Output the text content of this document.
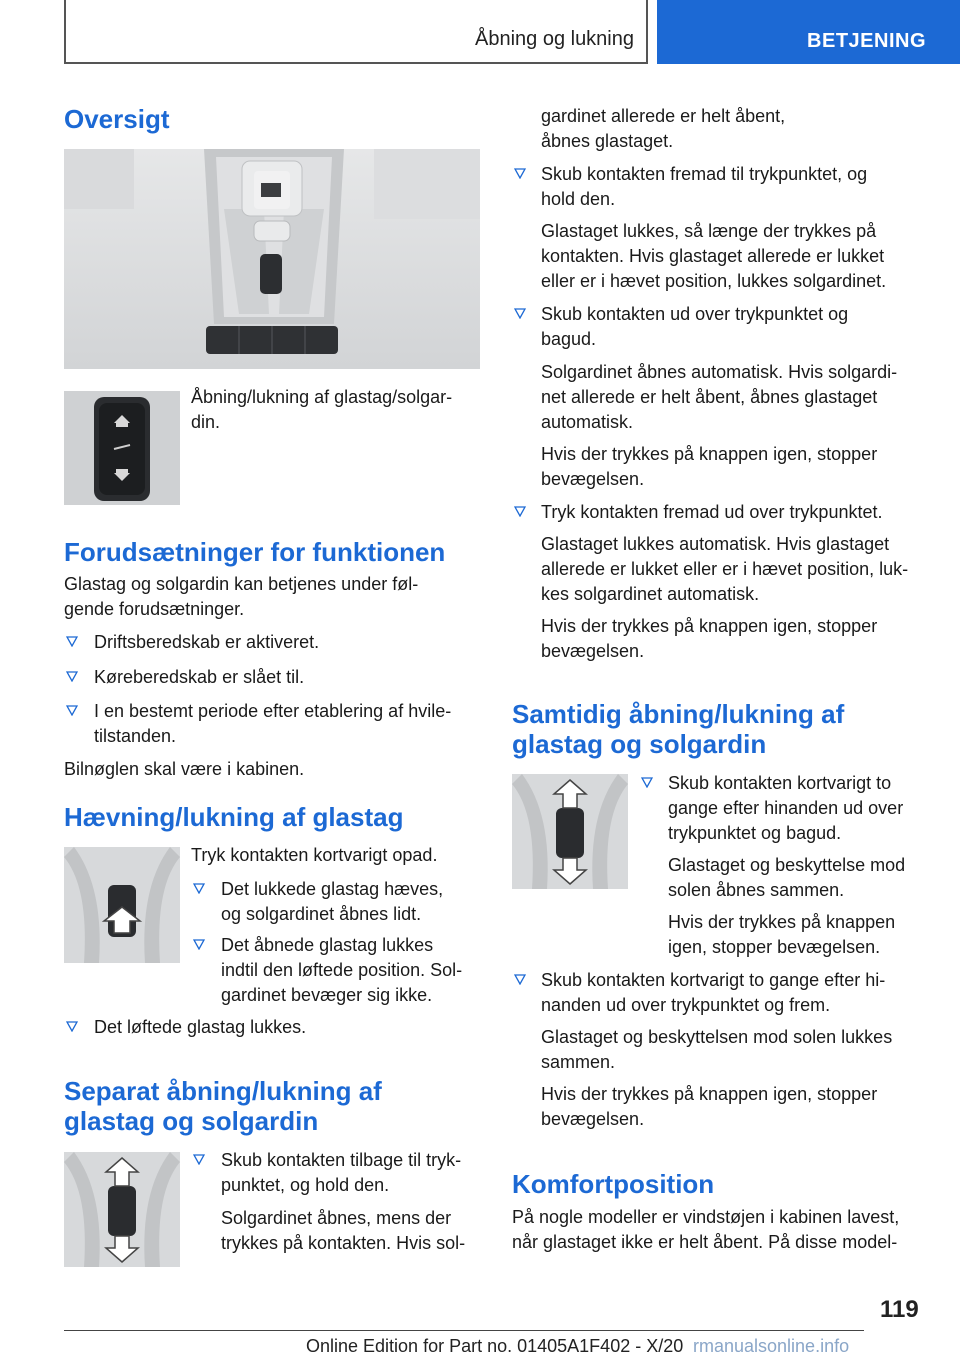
Åbning og lukning	BETJENING
Oversigt

Åbning/lukning af glastag/solgar-

din.

Forudsætninger for funktionen

Glastag og solgardin kan betjenes under føl-

gende forudsætninger.

Driftsberedskab er aktiveret.

Køreberedskab er slået til.

I en bestemt periode efter etablering af hvile-

tilstanden.

Bilnøglen skal være i kabinen.

Hævning/lukning af glastag

Tryk kontakten kortvarigt opad.

Det lukkede glastag hæves,

og solgardinet åbnes lidt.

Det åbnede glastag lukkes

indtil den løftede position. Sol-

gardinet bevæger sig ikke.

Det løftede glastag lukkes.

Separat åbning/lukning af
glastag og solgardin

Skub kontakten tilbage til tryk-

punktet, og hold den.

Solgardinet åbnes, mens der

trykkes på kontakten. Hvis sol-

gardinet allerede er helt åbent,

åbnes glastaget.

Skub kontakten fremad til trykpunktet, og

hold den.

Glastaget lukkes, så længe der trykkes på

kontakten. Hvis glastaget allerede er lukket

eller er i hævet position, lukkes solgardinet.

Skub kontakten ud over trykpunktet og

bagud.

Solgardinet åbnes automatisk. Hvis solgardi-

net allerede er helt åbent, åbnes glastaget

automatisk.

Hvis der trykkes på knappen igen, stopper

bevægelsen.

Tryk kontakten fremad ud over trykpunktet.

Glastaget lukkes automatisk. Hvis glastaget

allerede er lukket eller er i hævet position, luk-

kes solgardinet automatisk.

Hvis der trykkes på knappen igen, stopper

bevægelsen.

Samtidig åbning/lukning af
glastag og solgardin

Skub kontakten kortvarigt to

gange efter hinanden ud over

trykpunktet og bagud.

Glastaget og beskyttelse mod

solen åbnes sammen.

Hvis der trykkes på knappen

igen, stopper bevægelsen.

Skub kontakten kortvarigt to gange efter hi-

nanden ud over trykpunktet og frem.

Glastaget og beskyttelsen mod solen lukkes

sammen.

Hvis der trykkes på knappen igen, stopper

bevægelsen.

Komfortposition

På nogle modeller er vindstøjen i kabinen lavest,

når glastaget ikke er helt åbent. På disse model-

119
Online Edition for Part no. 01405A1F402 - X/20 rmanualsonline.info
